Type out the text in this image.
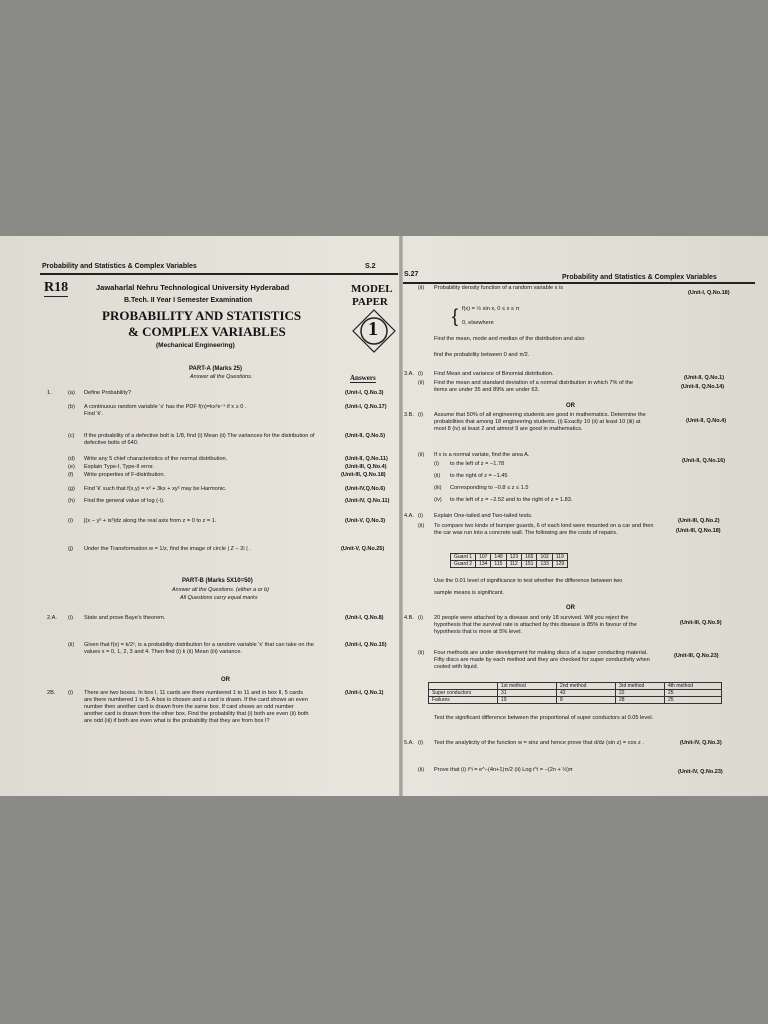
Probability and Statistics & Complex Variables	S.2
R18	Jawaharlal Nehru Technological University Hyderabad
B.Tech. II Year I Semester Examination
PROBABILITY AND STATISTICS
& COMPLEX VARIABLES
(Mechanical Engineering)
MODEL
PAPER
1
PART-A (Marks 25)
Answer all the Questions.	Answers
1.	(a) Define Probability?	(Unit-I, Q.No.3)
(b) A continuous random variable 'x' has the PDF f(n)=kx²e⁻ˣ if x ≥ 0 . Find 'k'.
(Unit-I, Q.No.17)
(c) If the probability of a defective bolt is 1/8, find (i) Mean (ii) The variances for the distribution of defective bolts of 640.
(Unit-II, Q.No.5)
(d) Write any 5 chief characteristics of the normal distribution.	(Unit-II, Q.No.11)
(e) Explain Type-I, Type-II error.	(Unit-III, Q.No.4)
(f) Write properties of F-distribution.	(Unit-III, Q.No.18)
(g) Find 'k' such that f(x,y) = x³ + 3kx + xy² may be Harmonic.	(Unit-IV,Q.No.6)
(h) Find the general value of log (-i).	(Unit-IV, Q.No.11)
(i) ∫(x − y² + ix³)dz along the real axis from z = 0 to z = 1.	(Unit-V, Q.No.3)
(j) Under the Transformation w = 1/z, find the image of circle | Z − 2i | .	(Unit-V, Q.No.25)
PART-B (Marks 5X10=50)
Answer all the Questions. (either a or b)
All Questions carry equal marks
2.A. (i) State and prove Baye's theorem.	(Unit-I, Q.No.8)
(ii) Given that f(x) = k/2ˣ, is a probability distribution for a random variable 'x' that can take on the values x = 0, 1, 2, 3 and 4. Then find (i) k (ii) Mean (iii) variance.
(Unit-I, Q.No.15)
OR
2B. (i) There are two boxes. In box I, 11 cards are there numbered 1 to 11 and in box II, 5 cards are there numbered 1 to 5. A box is chosen and a card is drawn. If the card shows an even number then another card is drawn from the same box. If card shows an odd number another card is drawn from the other box. Find the probability that (i) both are even (ii) both are odd (iii) if both are even what is the probability that they are from box I?
(Unit-I, Q.No.1)
S.27	Probability and Statistics & Complex Variables
(ii) Probability density function of a random variable x is
(Unit-I, Q.No.18)
{ f(x) = ½ sin x, 0 ≤ x ≤ π
0, elsewhere
Find the mean, mode and median of the distribution and also
find the probability between 0 and π/2.
3.A. (i) Find Mean and variance of Binomial distribution.
(Unit-II, Q.No.1)
(ii) Find the mean and standard deviation of a normal distribution in which 7% of the items are under 35 and 89% are under 63.	(Unit-II, Q.No.14)
OR
3.B. (i) Assume that 50% of all engineering students are good in mathematics. Determine the probabilities that among 18 engineering students. (i) Exactly 10 (ii) at least 10 (iii) at most 8 (iv) at least 2 and atmost 9 are good in mathematics.
(Unit-II, Q.No.4)
(ii) If x is a normal variate, find the area A.
(Unit-II, Q.No.16)
(i) to the left of z = −1.78
(ii) to the right of z = −1.45
(iii) Corresponding to −0.8 ≤ z ≤ 1.5
(iv) to the left of z = −2.52 and to the right of z = 1.83.
4.A. (i) Explain One-tailed and Two-tailed tests.
(Unit-III, Q.No.2)
(ii) To compare two kinds of bumper guards, 6 of each kind were mounted on a car and then the car was run into a concrete wall. The following are the costs of repairs.	(Unit-III, Q.No.18)
Guard 1	107	148	123	165	102	119
Guard 2	134	115	112	151	133	129
Use the 0.01 level of significance to test whether the difference between two
sample means is significant.
OR
4.B. (i) 20 people were attached by a disease and only 18 survived. Will you reject the hypothesis that the survival rate is attached by this disease is 85% in favour of the hypothesis that is more at 5% level.
(Unit-III, Q.No.9)
(ii) Four methods are under development for making discs of a super conducting material. Fifty discs are made by each method and they are checked for super conductivity when cooled with liquid.
(Unit-III, Q.No.23)
	1st method	2nd method	3rd method	4th method
Super conductors	31	42	22	25
Failures	19	8	28	25
Test the significant difference between the proportional of super conductors at 0.05 level.
5.A. (i) Test the analyticity of the function w = sinz and hence prove that d/dz (sin z) = cos z .	(Unit-IV, Q.No.3)
(ii) Prove that (i) i^i = e^−(4n+1)π/2 (ii) Log i^i = −(2n + ½)π	(Unit-IV, Q.No.23)
